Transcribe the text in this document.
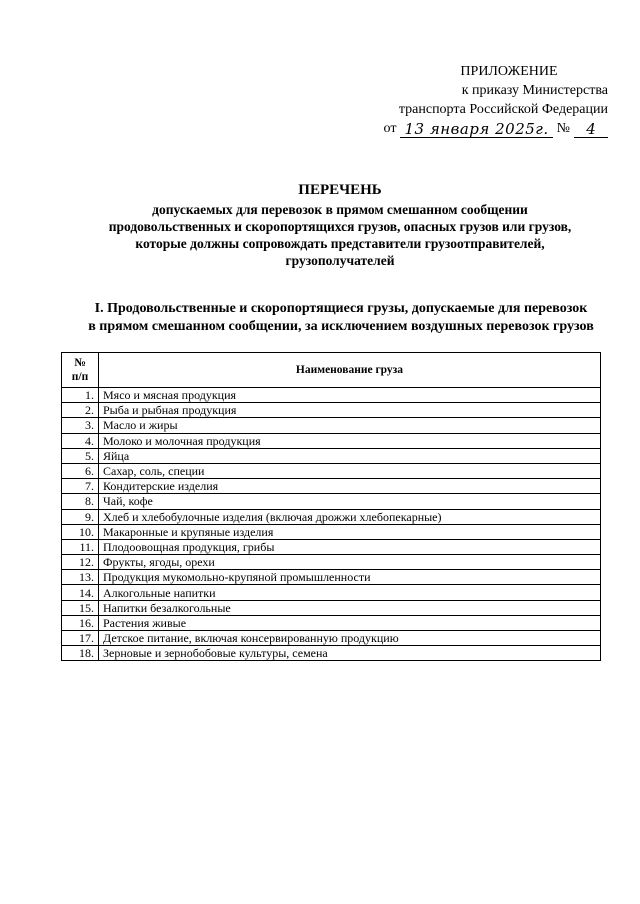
ПРИЛОЖЕНИЕ
к приказу Министерства
транспорта Российской Федерации
от 13 января 2025г. №	4
ПЕРЕЧЕНЬ
допускаемых для перевозок в прямом смешанном сообщении
продовольственных и скоропортящихся грузов, опасных грузов или грузов,
которые должны сопровождать представители грузоотправителей,
грузополучателей
I. Продовольственные и скоропортящиеся грузы, допускаемые для перевозок
в прямом смешанном сообщении, за исключением воздушных перевозок грузов
№
п/п	Наименование груза
1.	Мясо и мясная продукция
2.	Рыба и рыбная продукция
3.	Масло и жиры
4.	Молоко и молочная продукция
5.	Яйца
6.	Сахар, соль, специи
7.	Кондитерские изделия
8.	Чай, кофе
9.	Хлеб и хлебобулочные изделия (включая дрожжи хлебопекарные)
10.	Макаронные и крупяные изделия
11.	Плодоовощная продукция, грибы
12.	Фрукты, ягоды, орехи
13.	Продукция мукомольно-крупяной промышленности
14.	Алкогольные напитки
15.	Напитки безалкогольные
16.	Растения живые
17.	Детское питание, включая консервированную продукцию
18.	Зерновые и зернобобовые культуры, семена
